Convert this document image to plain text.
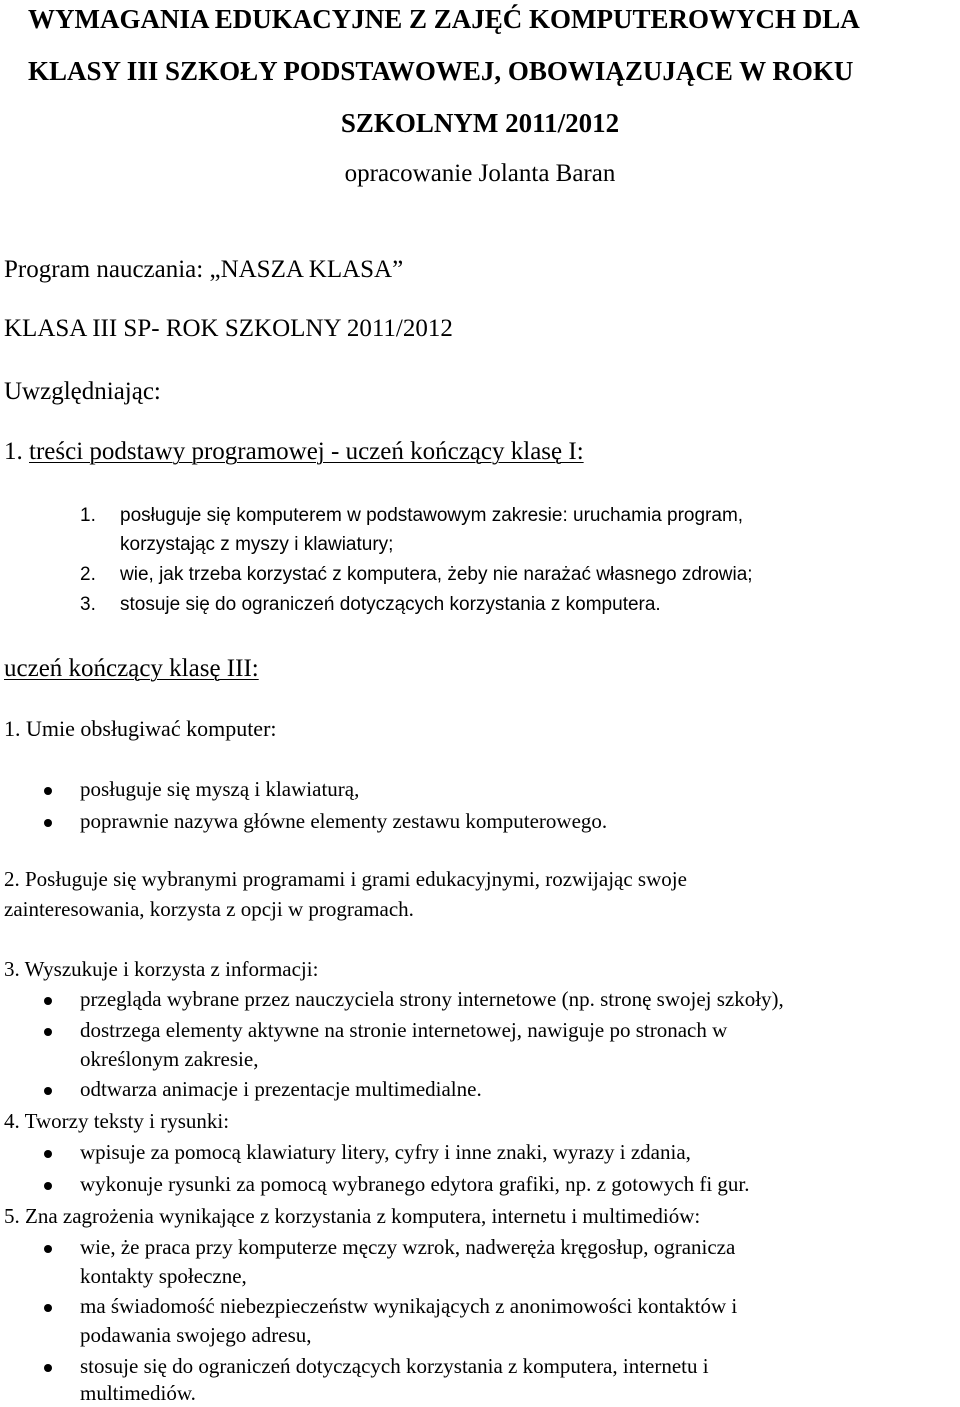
WYMAGANIA EDUKACYJNE Z ZAJĘĆ KOMPUTEROWYCH DLA
KLASY III SZKOŁY PODSTAWOWEJ, OBOWIĄZUJĄCE W ROKU
SZKOLNYM 2011/2012
opracowanie Jolanta Baran
Program nauczania: „NASZA KLASA”
KLASA III SP- ROK SZKOLNY 2011/2012
Uwzględniając:
1. treści podstawy programowej - uczeń kończący klasę I:
1. posługuje się komputerem w podstawowym zakresie: uruchamia program,
korzystając z myszy i klawiatury;
2. wie, jak trzeba korzystać z komputera, żeby nie narażać własnego zdrowia;
3. stosuje się do ograniczeń dotyczących korzystania z komputera.
uczeń kończący klasę III:
1. Umie obsługiwać komputer:
posługuje się myszą i klawiaturą,
poprawnie nazywa główne elementy zestawu komputerowego.
2. Posługuje się wybranymi programami i grami edukacyjnymi, rozwijając swoje
zainteresowania, korzysta z opcji w programach.
3. Wyszukuje i korzysta z informacji:
przegląda wybrane przez nauczyciela strony internetowe (np. stronę swojej szkoły),
dostrzega elementy aktywne na stronie internetowej, nawiguje po stronach w
określonym zakresie,
odtwarza animacje i prezentacje multimedialne.
4. Tworzy teksty i rysunki:
wpisuje za pomocą klawiatury litery, cyfry i inne znaki, wyrazy i zdania,
wykonuje rysunki za pomocą wybranego edytora grafiki, np. z gotowych fi gur.
5. Zna zagrożenia wynikające z korzystania z komputera, internetu i multimediów:
wie, że praca przy komputerze męczy wzrok, nadweręża kręgosłup, ogranicza
kontakty społeczne,
ma świadomość niebezpieczeństw wynikających z anonimowości kontaktów i
podawania swojego adresu,
stosuje się do ograniczeń dotyczących korzystania z komputera, internetu i
multimediów.
